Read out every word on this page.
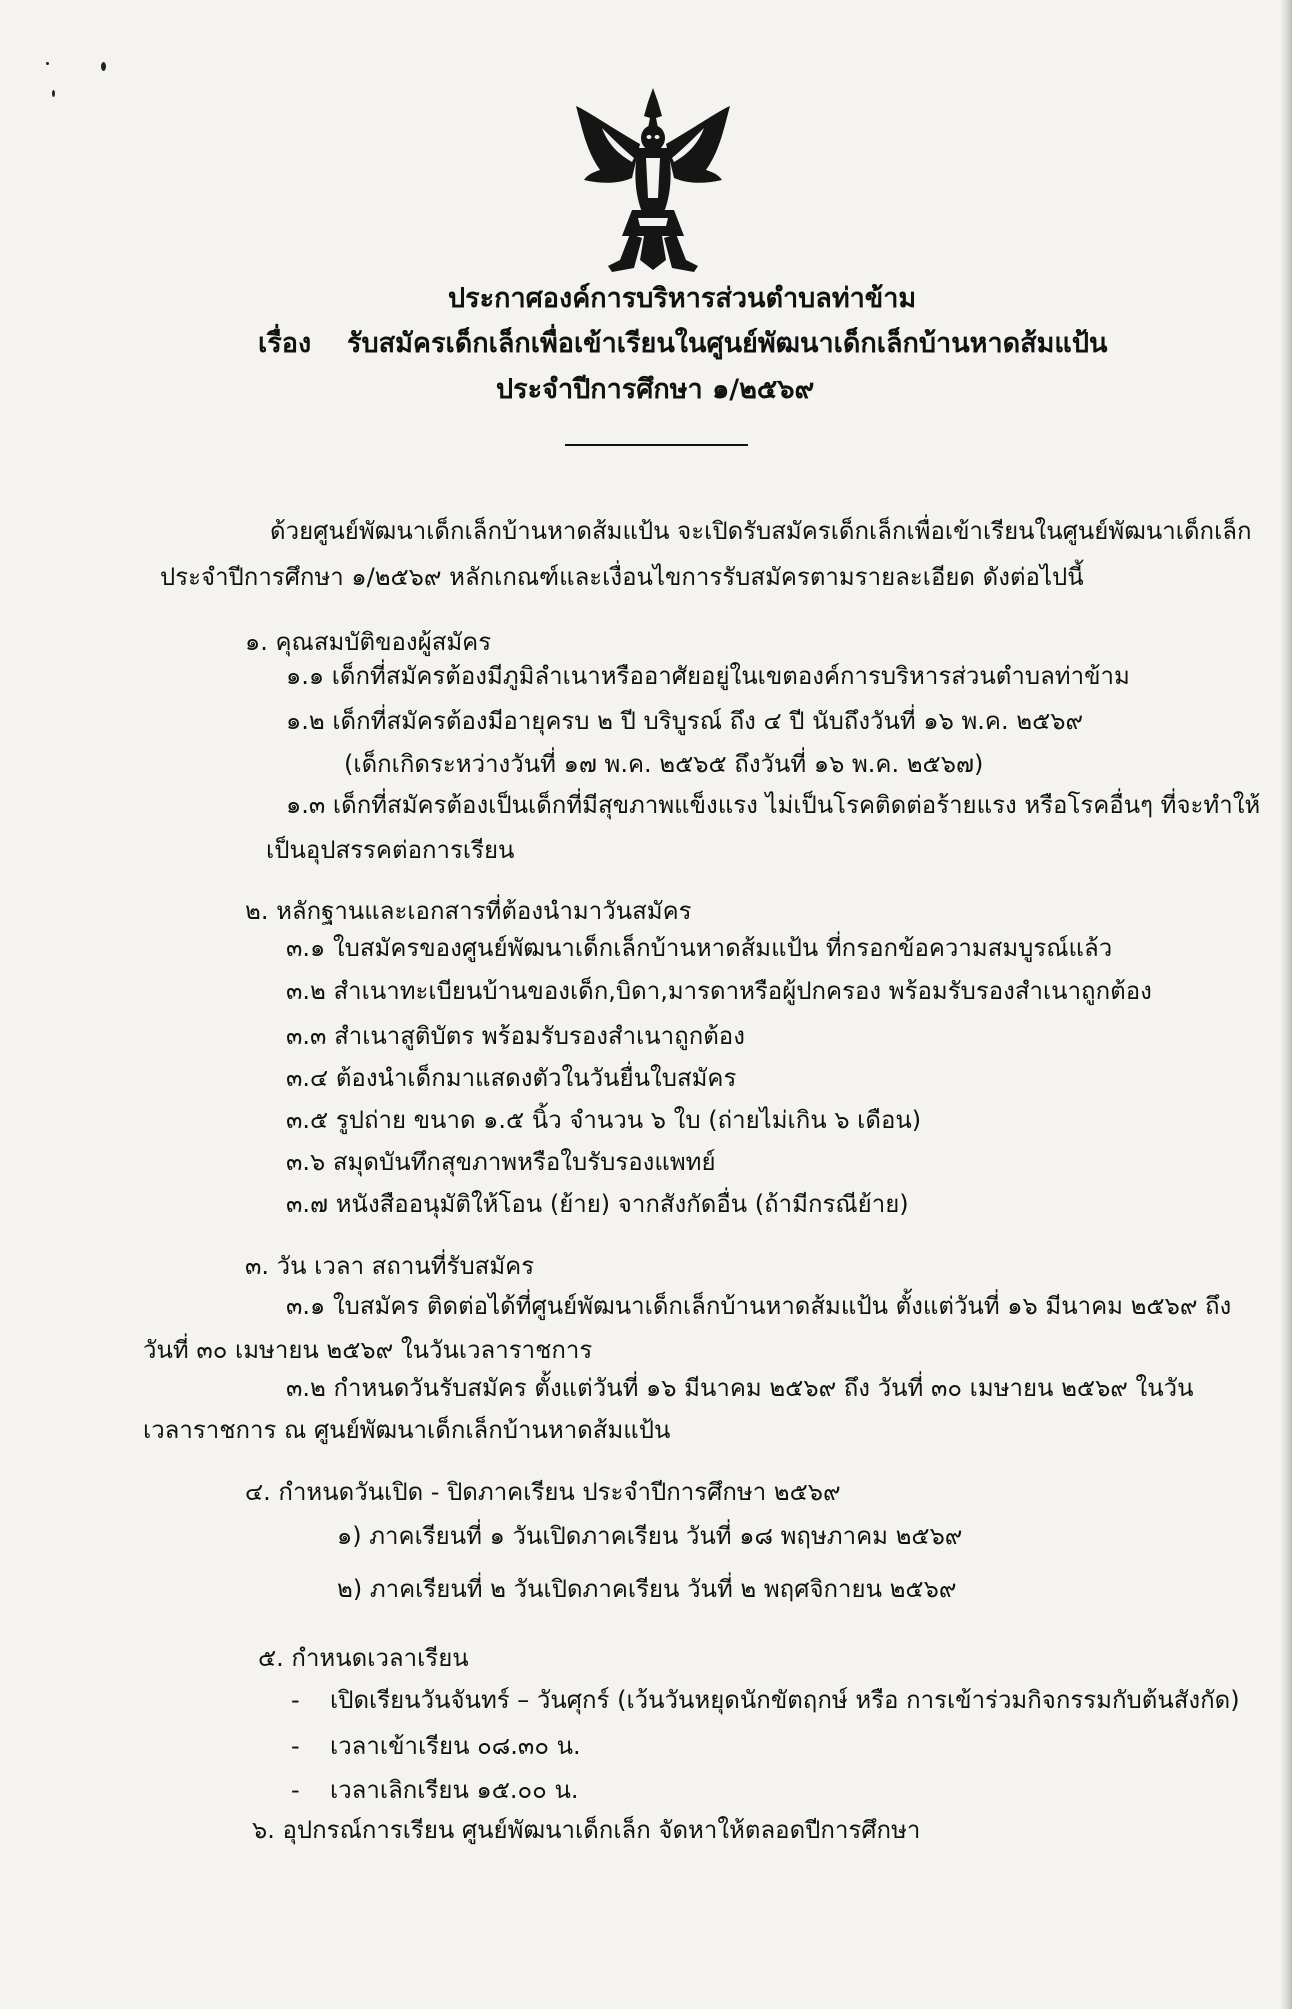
ประกาศองค์การบริหารส่วนตำบลท่าข้าม
เรื่อง รับสมัครเด็กเล็กเพื่อเข้าเรียนในศูนย์พัฒนาเด็กเล็กบ้านหาดส้มแป้น
ประจำปีการศึกษา ๑/๒๕๖๙
ด้วยศูนย์พัฒนาเด็กเล็กบ้านหาดส้มแป้น จะเปิดรับสมัครเด็กเล็กเพื่อเข้าเรียนในศูนย์พัฒนาเด็กเล็ก
ประจำปีการศึกษา ๑/๒๕๖๙ หลักเกณฑ์และเงื่อนไขการรับสมัครตามรายละเอียด ดังต่อไปนี้
๑. คุณสมบัติของผู้สมัคร
๑.๑ เด็กที่สมัครต้องมีภูมิลำเนาหรืออาศัยอยู่ในเขตองค์การบริหารส่วนตำบลท่าข้าม
๑.๒ เด็กที่สมัครต้องมีอายุครบ ๒ ปี บริบูรณ์ ถึง ๔ ปี นับถึงวันที่ ๑๖ พ.ค. ๒๕๖๙
(เด็กเกิดระหว่างวันที่ ๑๗ พ.ค. ๒๕๖๕ ถึงวันที่ ๑๖ พ.ค. ๒๕๖๗)
๑.๓ เด็กที่สมัครต้องเป็นเด็กที่มีสุขภาพแข็งแรง ไม่เป็นโรคติดต่อร้ายแรง หรือโรคอื่นๆ ที่จะทำให้
เป็นอุปสรรคต่อการเรียน
๒. หลักฐานและเอกสารที่ต้องนำมาวันสมัคร
๓.๑ ใบสมัครของศูนย์พัฒนาเด็กเล็กบ้านหาดส้มแป้น ที่กรอกข้อความสมบูรณ์แล้ว
๓.๒ สำเนาทะเบียนบ้านของเด็ก,บิดา,มารดาหรือผู้ปกครอง พร้อมรับรองสำเนาถูกต้อง
๓.๓ สำเนาสูติบัตร พร้อมรับรองสำเนาถูกต้อง
๓.๔ ต้องนำเด็กมาแสดงตัวในวันยื่นใบสมัคร
๓.๕ รูปถ่าย ขนาด ๑.๕ นิ้ว จำนวน ๖ ใบ (ถ่ายไม่เกิน ๖ เดือน)
๓.๖ สมุดบันทึกสุขภาพหรือใบรับรองแพทย์
๓.๗ หนังสืออนุมัติให้โอน (ย้าย) จากสังกัดอื่น (ถ้ามีกรณีย้าย)
๓. วัน เวลา สถานที่รับสมัคร
๓.๑ ใบสมัคร ติดต่อได้ที่ศูนย์พัฒนาเด็กเล็กบ้านหาดส้มแป้น ตั้งแต่วันที่ ๑๖ มีนาคม ๒๕๖๙ ถึง
วันที่ ๓๐ เมษายน ๒๕๖๙ ในวันเวลาราชการ
๓.๒ กำหนดวันรับสมัคร ตั้งแต่วันที่ ๑๖ มีนาคม ๒๕๖๙ ถึง วันที่ ๓๐ เมษายน ๒๕๖๙ ในวัน
เวลาราชการ ณ ศูนย์พัฒนาเด็กเล็กบ้านหาดส้มแป้น
๔. กำหนดวันเปิด - ปิดภาคเรียน ประจำปีการศึกษา ๒๕๖๙
๑) ภาคเรียนที่ ๑ วันเปิดภาคเรียน วันที่ ๑๘ พฤษภาคม ๒๕๖๙
๒) ภาคเรียนที่ ๒ วันเปิดภาคเรียน วันที่ ๒ พฤศจิกายน ๒๕๖๙
๕. กำหนดเวลาเรียน
- เปิดเรียนวันจันทร์ – วันศุกร์ (เว้นวันหยุดนักขัตฤกษ์ หรือ การเข้าร่วมกิจกรรมกับต้นสังกัด)
- เวลาเข้าเรียน ๐๘.๓๐ น.
- เวลาเลิกเรียน ๑๕.๐๐ น.
๖. อุปกรณ์การเรียน ศูนย์พัฒนาเด็กเล็ก จัดหาให้ตลอดปีการศึกษา
